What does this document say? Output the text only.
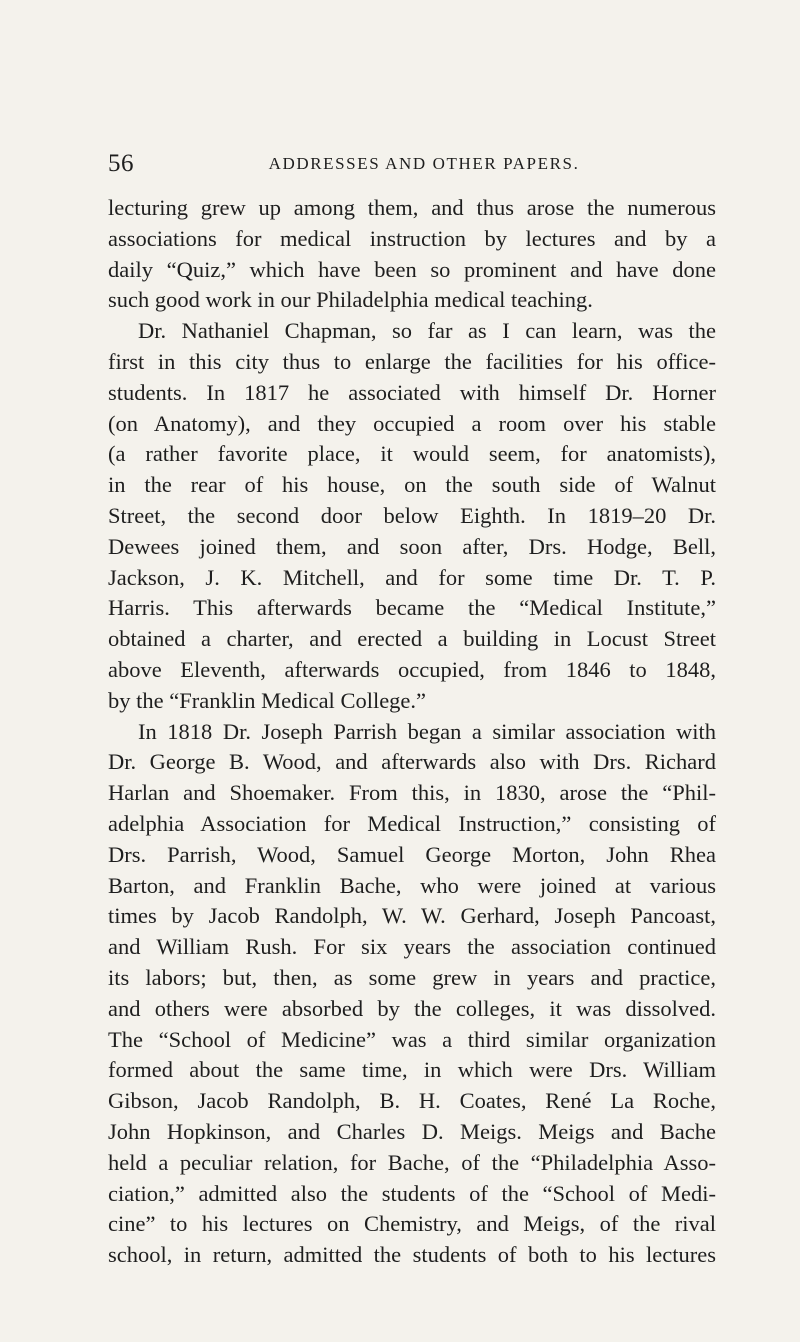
56	ADDRESSES AND OTHER PAPERS.
lecturing grew up among them, and thus arose the numerous
associations for medical instruction by lectures and by a
daily “Quiz,” which have been so prominent and have done
such good work in our Philadelphia medical teaching.
Dr. Nathaniel Chapman, so far as I can learn, was the
first in this city thus to enlarge the facilities for his office-
students. In 1817 he associated with himself Dr. Horner
(on Anatomy), and they occupied a room over his stable
(a rather favorite place, it would seem, for anatomists),
in the rear of his house, on the south side of Walnut
Street, the second door below Eighth. In 1819–20 Dr.
Dewees joined them, and soon after, Drs. Hodge, Bell,
Jackson, J. K. Mitchell, and for some time Dr. T. P.
Harris. This afterwards became the “Medical Institute,”
obtained a charter, and erected a building in Locust Street
above Eleventh, afterwards occupied, from 1846 to 1848,
by the “Franklin Medical College.”
In 1818 Dr. Joseph Parrish began a similar association with
Dr. George B. Wood, and afterwards also with Drs. Richard
Harlan and Shoemaker. From this, in 1830, arose the “Phil-
adelphia Association for Medical Instruction,” consisting of
Drs. Parrish, Wood, Samuel George Morton, John Rhea
Barton, and Franklin Bache, who were joined at various
times by Jacob Randolph, W. W. Gerhard, Joseph Pancoast,
and William Rush. For six years the association continued
its labors; but, then, as some grew in years and practice,
and others were absorbed by the colleges, it was dissolved.
The “School of Medicine” was a third similar organization
formed about the same time, in which were Drs. William
Gibson, Jacob Randolph, B. H. Coates, René La Roche,
John Hopkinson, and Charles D. Meigs. Meigs and Bache
held a peculiar relation, for Bache, of the “Philadelphia Asso-
ciation,” admitted also the students of the “School of Medi-
cine” to his lectures on Chemistry, and Meigs, of the rival
school, in return, admitted the students of both to his lectures
